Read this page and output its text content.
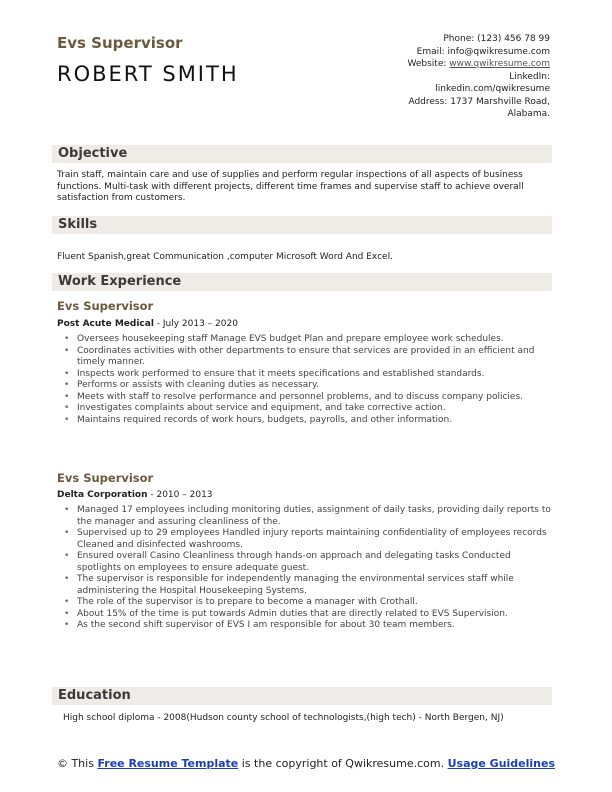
Evs Supervisor
ROBERT SMITH
Phone: (123) 456 78 99
Email: info@qwikresume.com
Website: www.qwikresume.com
LinkedIn:
linkedin.com/qwikresume
Address: 1737 Marshville Road,
Alabama.
Objective
Train staff, maintain care and use of supplies and perform regular inspections of all aspects of business functions. Multi-task with different projects, different time frames and supervise staff to achieve overall satisfaction from customers.
Skills
Fluent Spanish,great Communication ,computer Microsoft Word And Excel.
Work Experience
Evs Supervisor
Post Acute Medical - July 2013 – 2020
• Oversees housekeeping staff Manage EVS budget Plan and prepare employee work schedules.
• Coordinates activities with other departments to ensure that services are provided in an efficient and timely manner.
• Inspects work performed to ensure that it meets specifications and established standards.
• Performs or assists with cleaning duties as necessary.
• Meets with staff to resolve performance and personnel problems, and to discuss company policies.
• Investigates complaints about service and equipment, and take corrective action.
• Maintains required records of work hours, budgets, payrolls, and other information.
Evs Supervisor
Delta Corporation - 2010 – 2013
• Managed 17 employees including monitoring duties, assignment of daily tasks, providing daily reports to the manager and assuring cleanliness of the.
• Supervised up to 29 employees Handled injury reports maintaining confidentiality of employees records Cleaned and disinfected washrooms.
• Ensured overall Casino Cleanliness through hands-on approach and delegating tasks Conducted spotlights on employees to ensure adequate guest.
• The supervisor is responsible for independently managing the environmental services staff while administering the Hospital Housekeeping Systems.
• The role of the supervisor is to prepare to become a manager with Crothall.
• About 15% of the time is put towards Admin duties that are directly related to EVS Supervision.
• As the second shift supervisor of EVS I am responsible for about 30 team members.
Education
High school diploma - 2008(Hudson county school of technologists,(high tech) - North Bergen, NJ)
© This Free Resume Template is the copyright of Qwikresume.com. Usage Guidelines
